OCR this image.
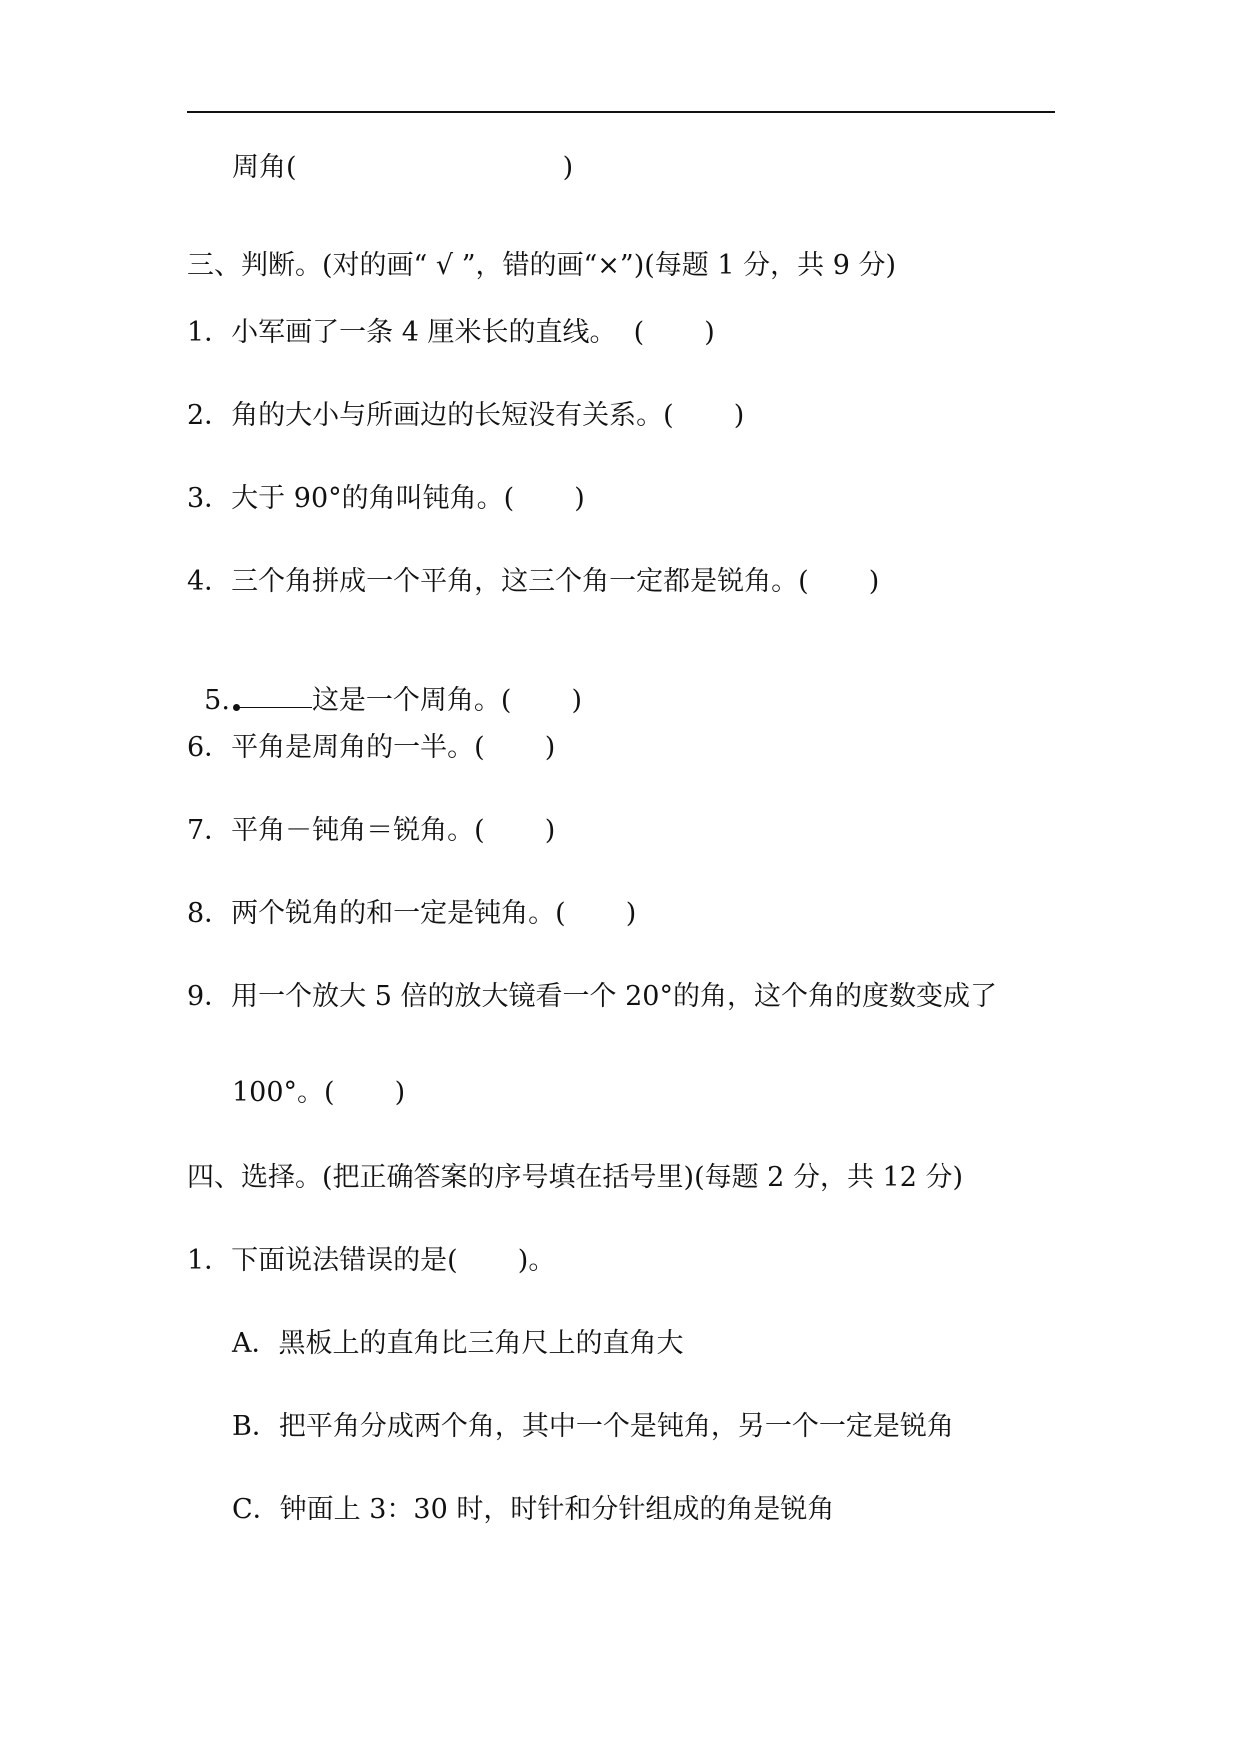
周角(                               )

三、判断。(对的画“ √ ”，错的画“×”)(每题 1 分，共 9 分)

1．小军画了一条 4 厘米长的直线。  (       )

2．角的大小与所画边的长短没有关系。(       )

3．大于 90°的角叫钝角。(       )

4．三个角拼成一个平角，这三个角一定都是锐角。(       )

5.	这是一个周角。(       )

6．平角是周角的一半。(       )

7．平角－钝角＝锐角。(       )

8．两个锐角的和一定是钝角。(       )

9．用一个放大 5 倍的放大镜看一个 20°的角，这个角的度数变成了

100°。(       )

四、选择。(把正确答案的序号填在括号里)(每题 2 分，共 12 分)

1．下面说法错误的是(       )。

A．黑板上的直角比三角尺上的直角大

B．把平角分成两个角，其中一个是钝角，另一个一定是锐角

C．钟面上 3：30 时，时针和分针组成的角是锐角
